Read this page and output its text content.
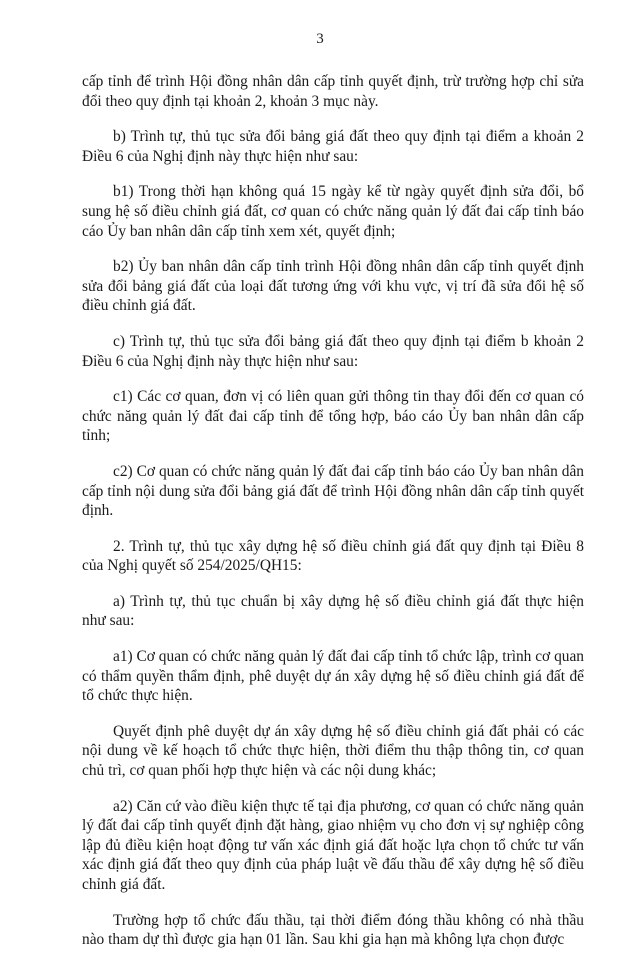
3

cấp tỉnh để trình Hội đồng nhân dân cấp tỉnh quyết định, trừ trường hợp chỉ sửa đổi theo quy định tại khoản 2, khoản 3 mục này.

b) Trình tự, thủ tục sửa đổi bảng giá đất theo quy định tại điểm a khoản 2 Điều 6 của Nghị định này thực hiện như sau:

b1) Trong thời hạn không quá 15 ngày kể từ ngày quyết định sửa đổi, bổ sung hệ số điều chỉnh giá đất, cơ quan có chức năng quản lý đất đai cấp tỉnh báo cáo Ủy ban nhân dân cấp tỉnh xem xét, quyết định;

b2) Ủy ban nhân dân cấp tỉnh trình Hội đồng nhân dân cấp tỉnh quyết định sửa đổi bảng giá đất của loại đất tương ứng với khu vực, vị trí đã sửa đổi hệ số điều chỉnh giá đất.

c) Trình tự, thủ tục sửa đổi bảng giá đất theo quy định tại điểm b khoản 2 Điều 6 của Nghị định này thực hiện như sau:

c1) Các cơ quan, đơn vị có liên quan gửi thông tin thay đổi đến cơ quan có chức năng quản lý đất đai cấp tỉnh để tổng hợp, báo cáo Ủy ban nhân dân cấp tỉnh;

c2) Cơ quan có chức năng quản lý đất đai cấp tỉnh báo cáo Ủy ban nhân dân cấp tỉnh nội dung sửa đổi bảng giá đất để trình Hội đồng nhân dân cấp tỉnh quyết định.

2. Trình tự, thủ tục xây dựng hệ số điều chỉnh giá đất quy định tại Điều 8 của Nghị quyết số 254/2025/QH15:

a) Trình tự, thủ tục chuẩn bị xây dựng hệ số điều chỉnh giá đất thực hiện như sau:

a1) Cơ quan có chức năng quản lý đất đai cấp tỉnh tổ chức lập, trình cơ quan có thẩm quyền thẩm định, phê duyệt dự án xây dựng hệ số điều chỉnh giá đất để tổ chức thực hiện.

Quyết định phê duyệt dự án xây dựng hệ số điều chỉnh giá đất phải có các nội dung về kế hoạch tổ chức thực hiện, thời điểm thu thập thông tin, cơ quan chủ trì, cơ quan phối hợp thực hiện và các nội dung khác;

a2) Căn cứ vào điều kiện thực tế tại địa phương, cơ quan có chức năng quản lý đất đai cấp tỉnh quyết định đặt hàng, giao nhiệm vụ cho đơn vị sự nghiệp công lập đủ điều kiện hoạt động tư vấn xác định giá đất hoặc lựa chọn tổ chức tư vấn xác định giá đất theo quy định của pháp luật về đấu thầu để xây dựng hệ số điều chỉnh giá đất.

Trường hợp tổ chức đấu thầu, tại thời điểm đóng thầu không có nhà thầu nào tham dự thì được gia hạn 01 lần. Sau khi gia hạn mà không lựa chọn được
